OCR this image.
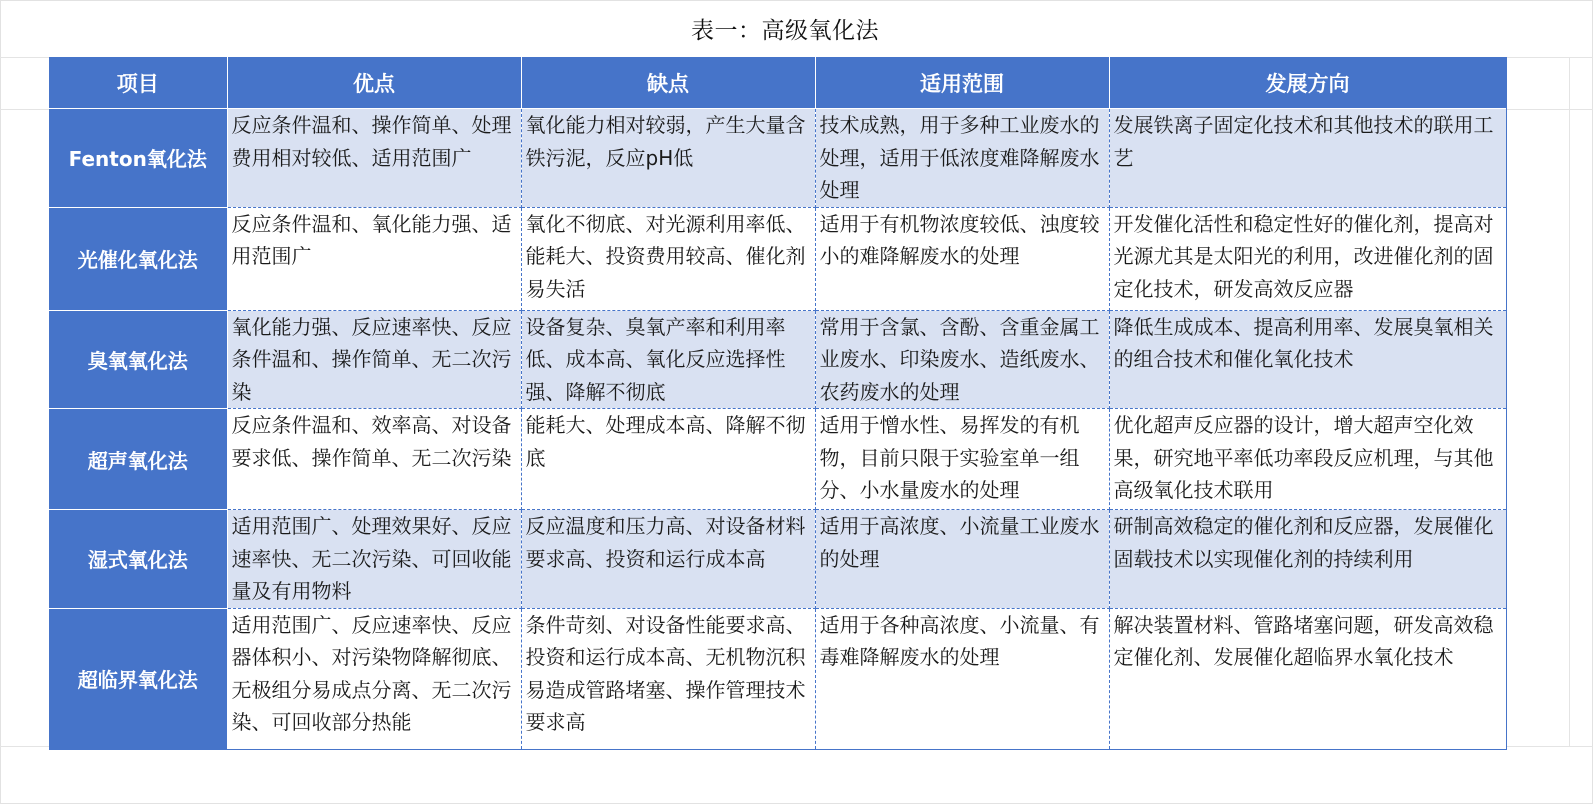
表一：高级氧化法
项目	优点	缺点	适用范围	发展方向
Fenton氧化法	反应条件温和、操作简单、处理费用相对较低、适用范围广	氧化能力相对较弱，产生大量含铁污泥，反应pH低	技术成熟，用于多种工业废水的处理，适用于低浓度难降解废水处理	发展铁离子固定化技术和其他技术的联用工艺
光催化氧化法	反应条件温和、氧化能力强、适用范围广	氧化不彻底、对光源利用率低、能耗大、投资费用较高、催化剂易失活	适用于有机物浓度较低、浊度较小的难降解废水的处理	开发催化活性和稳定性好的催化剂，提高对光源尤其是太阳光的利用，改进催化剂的固定化技术，研发高效反应器
臭氧氧化法	氧化能力强、反应速率快、反应条件温和、操作简单、无二次污染	设备复杂、臭氧产率和利用率低、成本高、氧化反应选择性强、降解不彻底	常用于含氯、含酚、含重金属工业废水、印染废水、造纸废水、农药废水的处理	降低生成成本、提高利用率、发展臭氧相关的组合技术和催化氧化技术
超声氧化法	反应条件温和、效率高、对设备要求低、操作简单、无二次污染	能耗大、处理成本高、降解不彻底	适用于憎水性、易挥发的有机物，目前只限于实验室单一组分、小水量废水的处理	优化超声反应器的设计，增大超声空化效果，研究地平率低功率段反应机理，与其他高级氧化技术联用
湿式氧化法	适用范围广、处理效果好、反应速率快、无二次污染、可回收能量及有用物料	反应温度和压力高、对设备材料要求高、投资和运行成本高	适用于高浓度、小流量工业废水的处理	研制高效稳定的催化剂和反应器，发展催化固载技术以实现催化剂的持续利用
超临界氧化法	适用范围广、反应速率快、反应器体积小、对污染物降解彻底、无极组分易成点分离、无二次污染、可回收部分热能	条件苛刻、对设备性能要求高、投资和运行成本高、无机物沉积易造成管路堵塞、操作管理技术要求高	适用于各种高浓度、小流量、有毒难降解废水的处理	解决装置材料、管路堵塞问题，研发高效稳定催化剂、发展催化超临界水氧化技术
